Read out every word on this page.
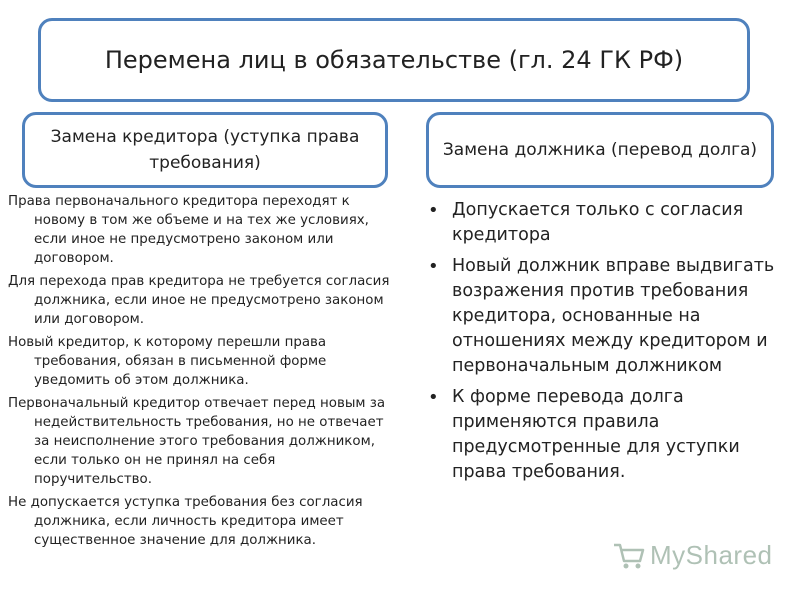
Перемена лиц в обязательстве (гл. 24 ГК РФ)
Замена кредитора (уступка права требования)
Замена должника (перевод долга)

Права первоначального кредитора переходят к новому в том же объеме и на тех же условиях, если иное не предусмотрено законом или договором.

Для перехода прав кредитора не требуется согласия должника, если иное не предусмотрено законом или договором.

Новый кредитор, к которому перешли права требования, обязан в письменной форме уведомить об этом должника.

Первоначальный кредитор отвечает перед новым за недействительность требования, но не отвечает за неисполнение этого требования должником, если только он не принял на себя поручительство.

Не допускается уступка требования без согласия должника, если личность кредитора имеет существенное значение для должника.

• Допускается только с согласия кредитора
• Новый должник вправе выдвигать возражения против требования кредитора, основанные на отношениях между кредитором и первоначальным должником
• К форме перевода долга применяются правила предусмотренные для уступки права требования.
MyShared
